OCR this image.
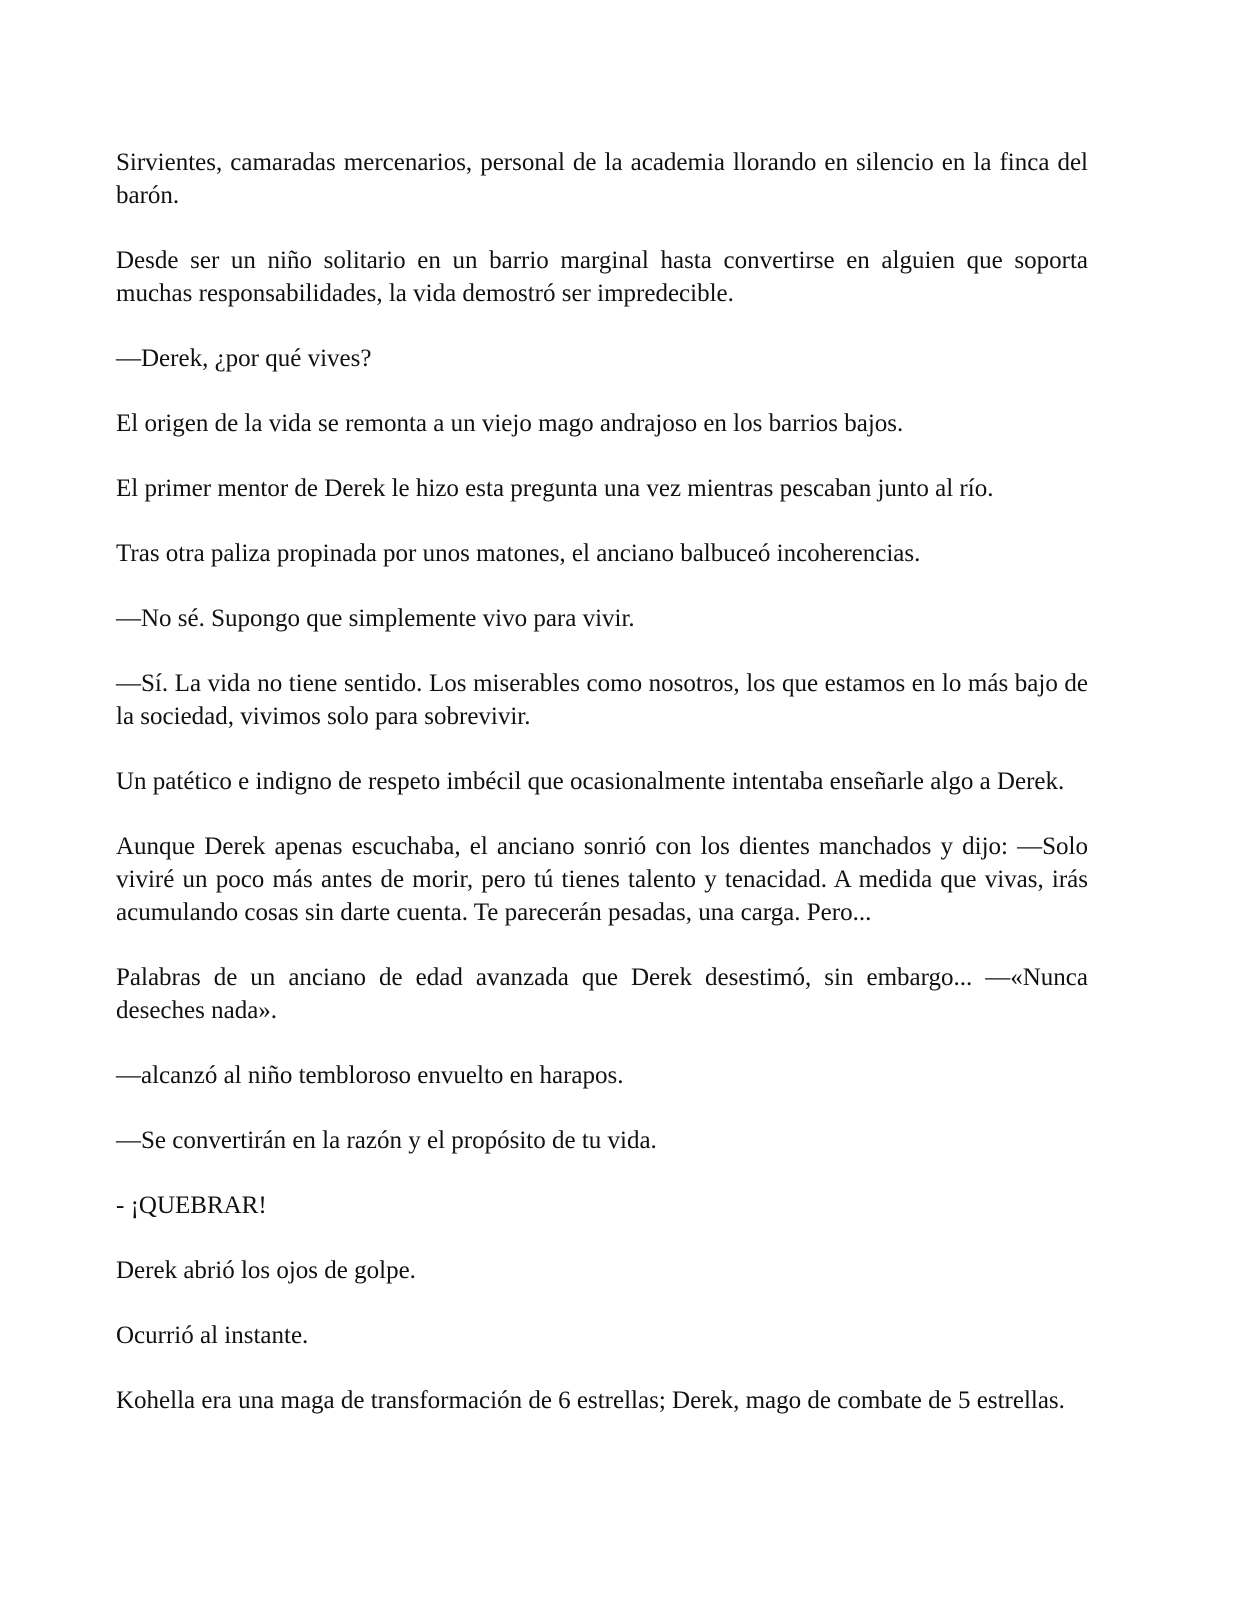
Sirvientes, camaradas mercenarios, personal de la academia llorando en silencio en la finca del barón.

Desde ser un niño solitario en un barrio marginal hasta convertirse en alguien que soporta muchas responsabilidades, la vida demostró ser impredecible.

—Derek, ¿por qué vives?

El origen de la vida se remonta a un viejo mago andrajoso en los barrios bajos.

El primer mentor de Derek le hizo esta pregunta una vez mientras pescaban junto al río.

Tras otra paliza propinada por unos matones, el anciano balbuceó incoherencias.

—No sé. Supongo que simplemente vivo para vivir.

—Sí. La vida no tiene sentido. Los miserables como nosotros, los que estamos en lo más bajo de la sociedad, vivimos solo para sobrevivir.

Un patético e indigno de respeto imbécil que ocasionalmente intentaba enseñarle algo a Derek.

Aunque Derek apenas escuchaba, el anciano sonrió con los dientes manchados y dijo: —Solo viviré un poco más antes de morir, pero tú tienes talento y tenacidad. A medida que vivas, irás acumulando cosas sin darte cuenta. Te parecerán pesadas, una carga. Pero...

Palabras de un anciano de edad avanzada que Derek desestimó, sin embargo... —«Nunca deseches nada».

—alcanzó al niño tembloroso envuelto en harapos.

—Se convertirán en la razón y el propósito de tu vida.

- ¡QUEBRAR!

Derek abrió los ojos de golpe.

Ocurrió al instante.

Kohella era una maga de transformación de 6 estrellas; Derek, mago de combate de 5 estrellas.
